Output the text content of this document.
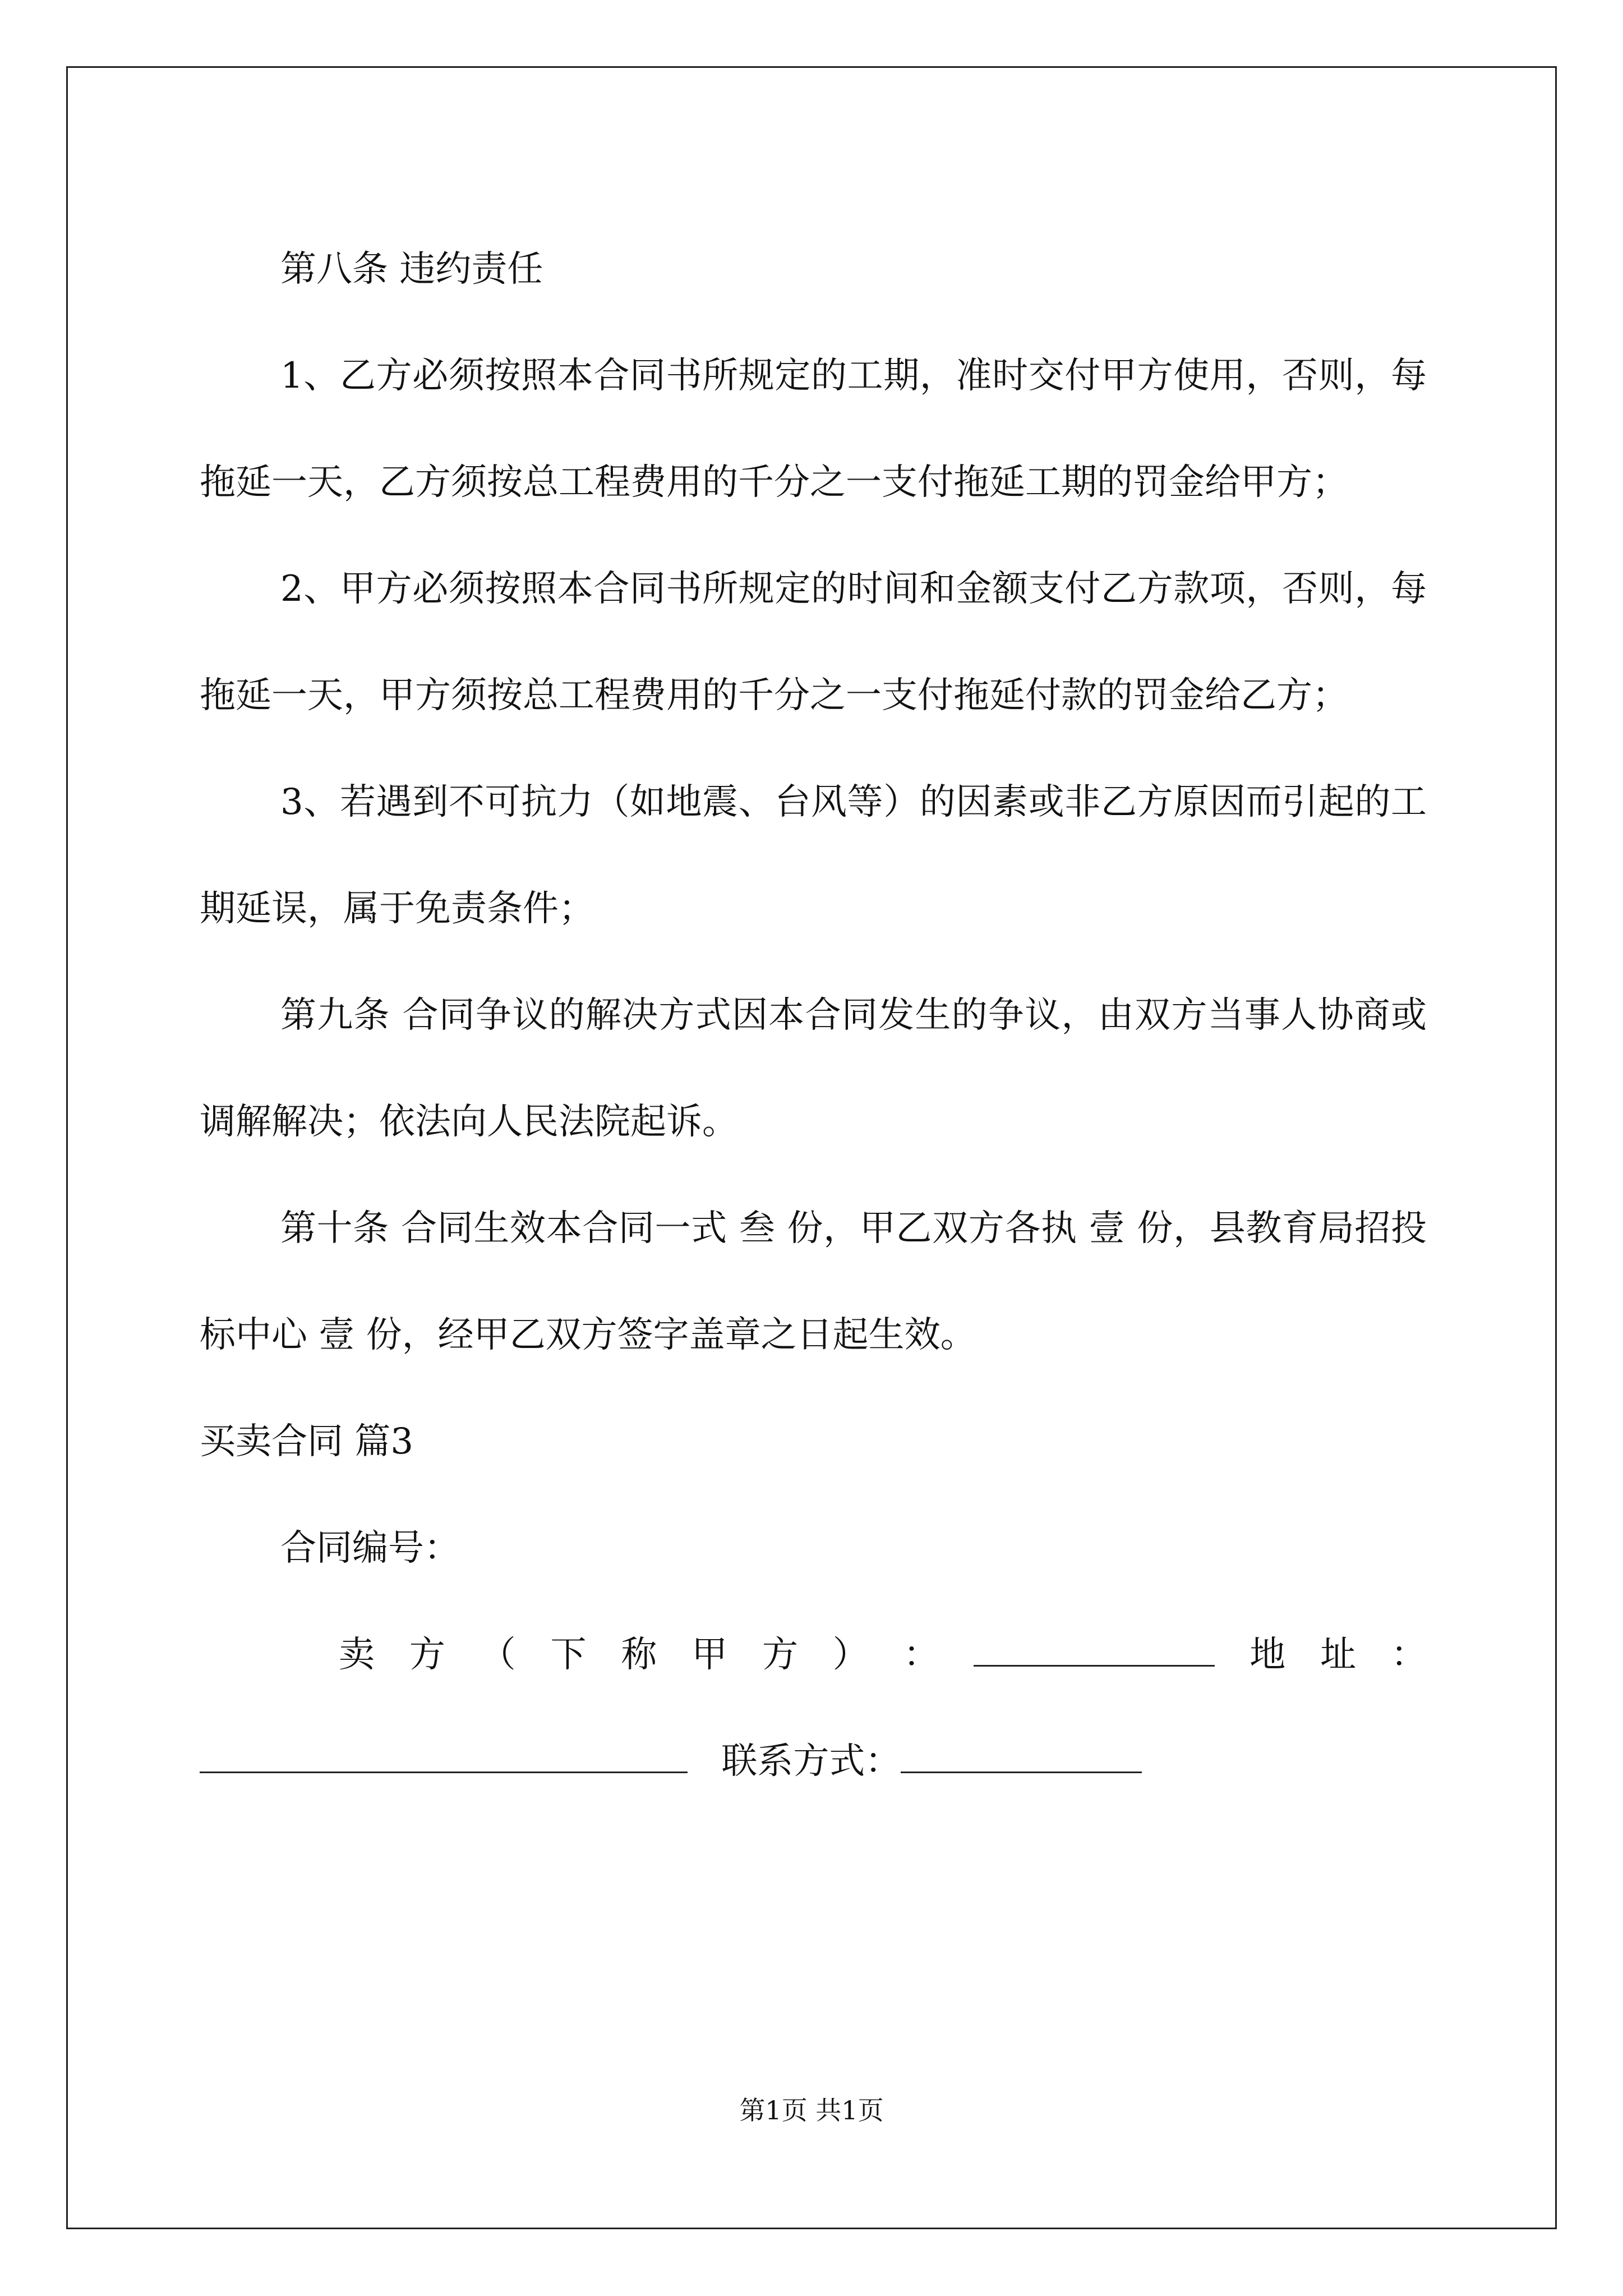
第八条 违约责任

1、乙方必须按照本合同书所规定的工期，准时交付甲方使用，否则，每拖延一天，乙方须按总工程费用的千分之一支付拖延工期的罚金给甲方；

2、甲方必须按照本合同书所规定的时间和金额支付乙方款项，否则，每拖延一天，甲方须按总工程费用的千分之一支付拖延付款的罚金给乙方；

3、若遇到不可抗力（如地震、台风等）的因素或非乙方原因而引起的工期延误，属于免责条件；

第九条 合同争议的解决方式因本合同发生的争议，由双方当事人协商或调解解决；依法向人民法院起诉。

第十条 合同生效本合同一式 叁 份，甲乙双方各执 壹 份，县教育局招投标中心 壹 份，经甲乙双方签字盖章之日起生效。

买卖合同 篇3

合同编号：

卖 方 （ 下 称 甲 方 ） ：	地 址 ：
联系方式：
第1页 共1页
